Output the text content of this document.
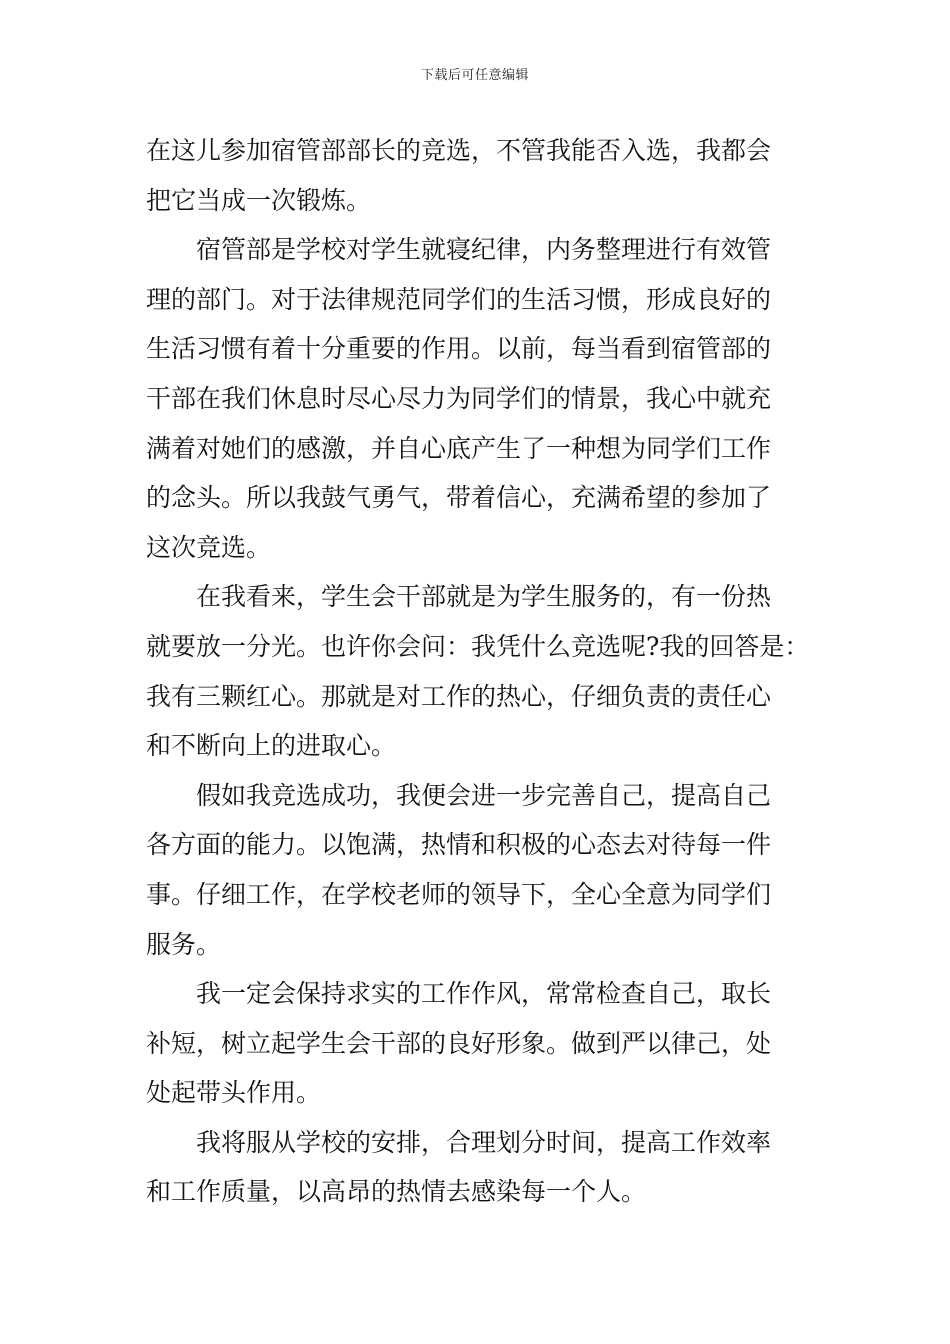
下载后可任意编辑
在这儿参加宿管部部长的竞选，不管我能否入选，我都会
把它当成一次锻炼。
宿管部是学校对学生就寝纪律，内务整理进行有效管
理的部门。对于法律规范同学们的生活习惯，形成良好的
生活习惯有着十分重要的作用。以前，每当看到宿管部的
干部在我们休息时尽心尽力为同学们的情景，我心中就充
满着对她们的感激，并自心底产生了一种想为同学们工作
的念头。所以我鼓气勇气，带着信心，充满希望的参加了
这次竞选。
在我看来，学生会干部就是为学生服务的，有一份热
就要放一分光。也许你会问：我凭什么竞选呢?我的回答是：
我有三颗红心。那就是对工作的热心，仔细负责的责任心
和不断向上的进取心。
假如我竞选成功，我便会进一步完善自己，提高自己
各方面的能力。以饱满，热情和积极的心态去对待每一件
事。仔细工作，在学校老师的领导下，全心全意为同学们
服务。
我一定会保持求实的工作作风，常常检查自己，取长
补短，树立起学生会干部的良好形象。做到严以律己，处
处起带头作用。
我将服从学校的安排，合理划分时间，提高工作效率
和工作质量，以高昂的热情去感染每一个人。
